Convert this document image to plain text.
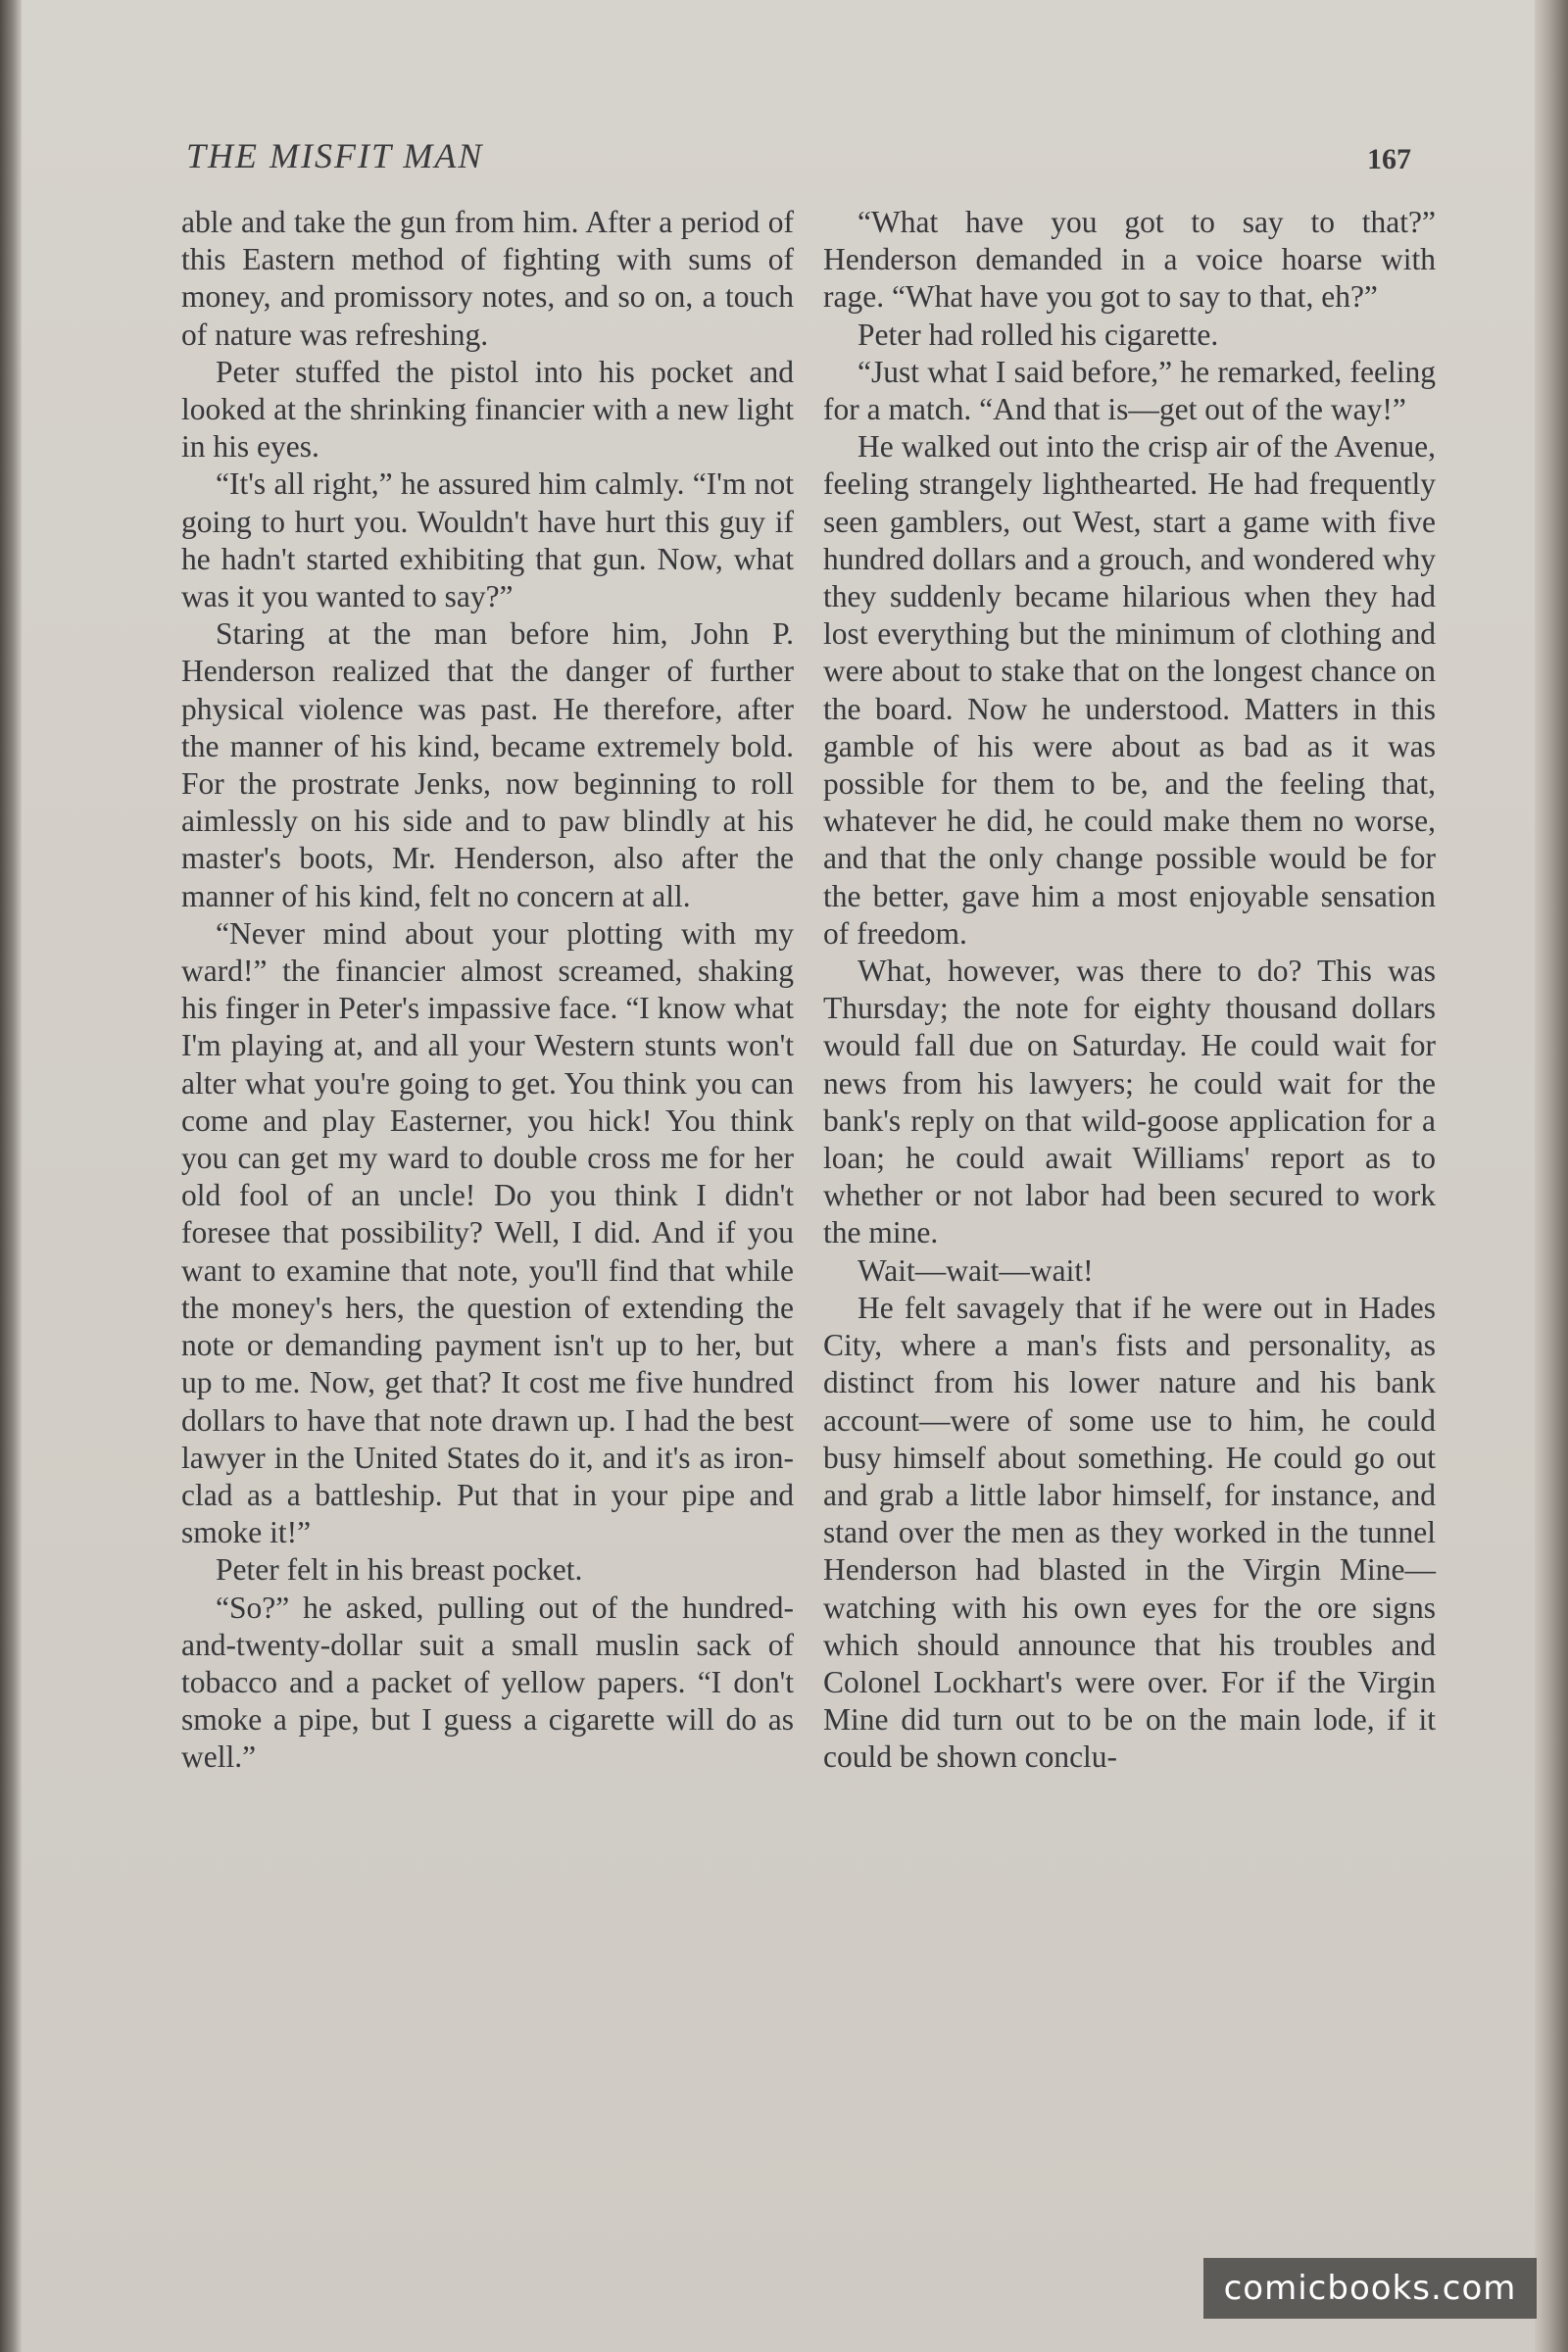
THE MISFIT MAN	167

able and take the gun from him. After a period of this Eastern method of fighting with sums of money, and promissory notes, and so on, a touch of nature was refreshing.

Peter stuffed the pistol into his pocket and looked at the shrinking financier with a new light in his eyes.

“It's all right,” he assured him calmly. “I'm not going to hurt you. Wouldn't have hurt this guy if he hadn't started exhibiting that gun. Now, what was it you wanted to say?”

Staring at the man before him, John P. Henderson realized that the danger of further physical violence was past. He therefore, after the manner of his kind, became extremely bold. For the prostrate Jenks, now beginning to roll aimlessly on his side and to paw blindly at his master's boots, Mr. Henderson, also after the manner of his kind, felt no concern at all.

“Never mind about your plotting with my ward!” the financier almost screamed, shaking his finger in Peter's impassive face. “I know what I'm playing at, and all your Western stunts won't alter what you're going to get. You think you can come and play Easterner, you hick! You think you can get my ward to double cross me for her old fool of an uncle! Do you think I didn't foresee that possibility? Well, I did. And if you want to examine that note, you'll find that while the money's hers, the question of extending the note or demanding payment isn't up to her, but up to me. Now, get that? It cost me five hundred dollars to have that note drawn up. I had the best lawyer in the United States do it, and it's as iron-clad as a battleship. Put that in your pipe and smoke it!”

Peter felt in his breast pocket.

“So?” he asked, pulling out of the hundred-and-twenty-dollar suit a small muslin sack of tobacco and a packet of yellow papers. “I don't smoke a pipe, but I guess a cigarette will do as well.”

“What have you got to say to that?” Henderson demanded in a voice hoarse with rage. “What have you got to say to that, eh?”

Peter had rolled his cigarette.

“Just what I said before,” he remarked, feeling for a match. “And that is—get out of the way!”

He walked out into the crisp air of the Avenue, feeling strangely lighthearted. He had frequently seen gamblers, out West, start a game with five hundred dollars and a grouch, and wondered why they suddenly became hilarious when they had lost everything but the minimum of clothing and were about to stake that on the longest chance on the board. Now he understood. Matters in this gamble of his were about as bad as it was possible for them to be, and the feeling that, whatever he did, he could make them no worse, and that the only change possible would be for the better, gave him a most enjoyable sensation of freedom.

What, however, was there to do? This was Thursday; the note for eighty thousand dollars would fall due on Saturday. He could wait for news from his lawyers; he could wait for the bank's reply on that wild-goose application for a loan; he could await Williams' report as to whether or not labor had been secured to work the mine.

Wait—wait—wait!

He felt savagely that if he were out in Hades City, where a man's fists and personality, as distinct from his lower nature and his bank account—were of some use to him, he could busy himself about something. He could go out and grab a little labor himself, for instance, and stand over the men as they worked in the tunnel Henderson had blasted in the Virgin Mine—watching with his own eyes for the ore signs which should announce that his troubles and Colonel Lockhart's were over. For if the Virgin Mine did turn out to be on the main lode, if it could be shown conclu-

comicbooks.com
